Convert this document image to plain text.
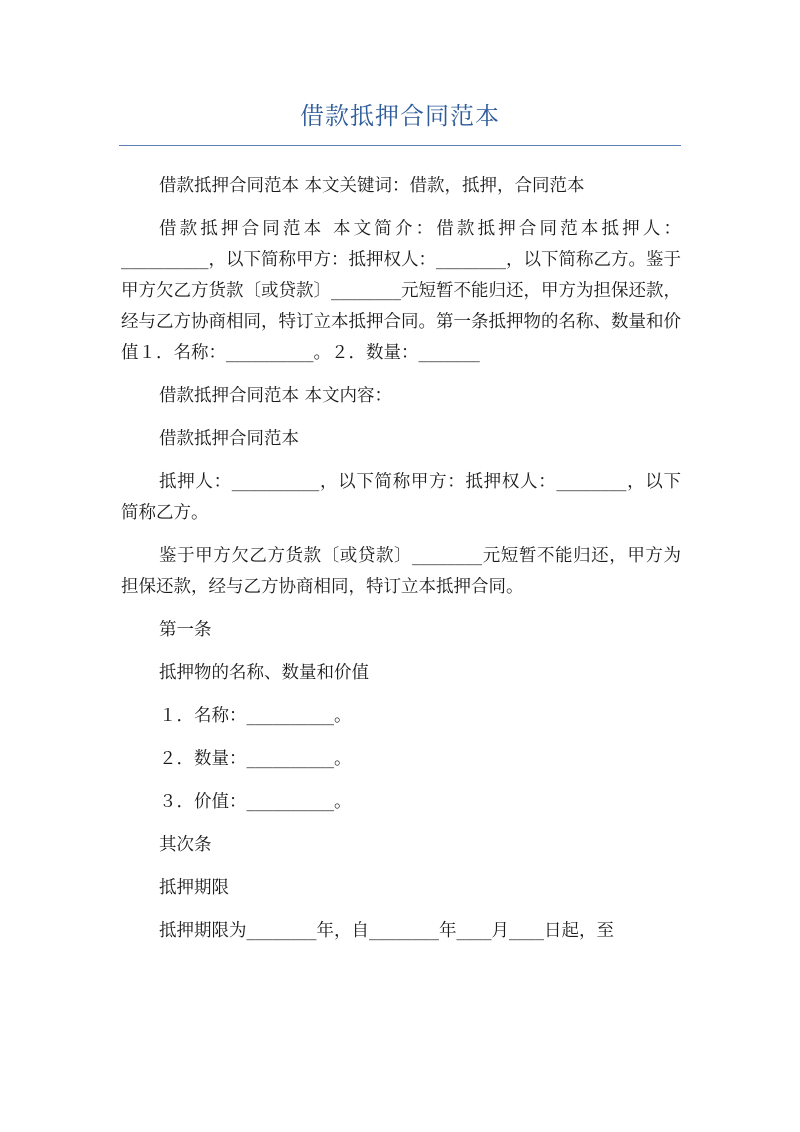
借款抵押合同范本

借款抵押合同范本 本文关键词：借款，抵押，合同范本

借款抵押合同范本 本文简介：借款抵押合同范本抵押人：__________，以下简称甲方：抵押权人：________，以下简称乙方。鉴于甲方欠乙方货款〔或贷款〕________元短暂不能归还，甲方为担保还款，经与乙方协商相同，特订立本抵押合同。第一条抵押物的名称、数量和价值１．名称：__________。２．数量：_______

借款抵押合同范本 本文内容：

借款抵押合同范本

抵押人：__________，以下简称甲方：抵押权人：________，以下简称乙方。

鉴于甲方欠乙方货款〔或贷款〕________元短暂不能归还，甲方为担保还款，经与乙方协商相同，特订立本抵押合同。

第一条

抵押物的名称、数量和价值

１．名称：__________。

２．数量：__________。

３．价值：__________。

其次条

抵押期限

抵押期限为________年，自________年____月____日起，至
